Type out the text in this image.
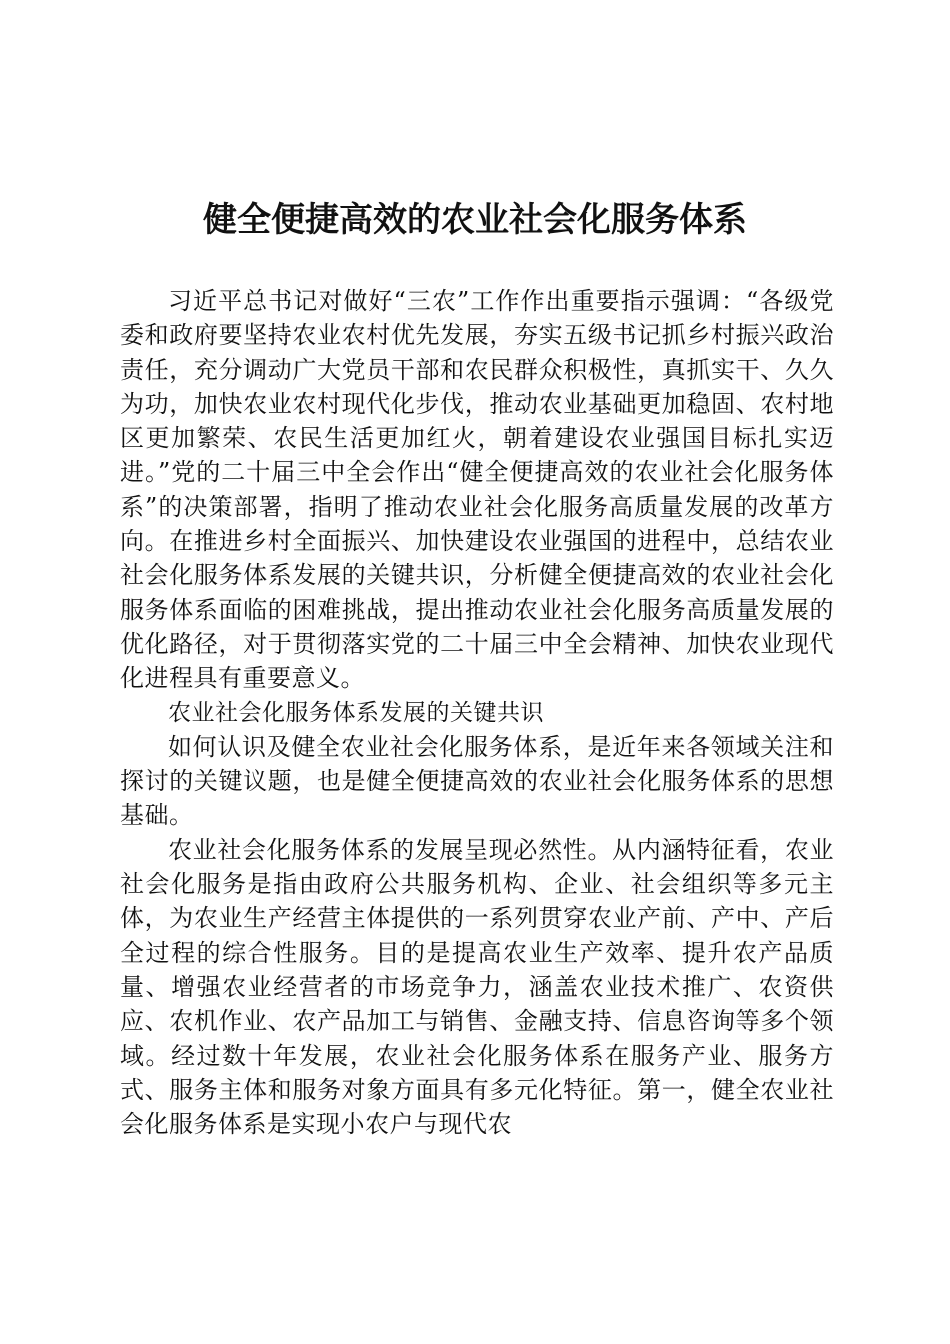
健全便捷高效的农业社会化服务体系

习近平总书记对做好“三农”工作作出重要指示强调：“各级党委和政府要坚持农业农村优先发展，夯实五级书记抓乡村振兴政治责任，充分调动广大党员干部和农民群众积极性，真抓实干、久久为功，加快农业农村现代化步伐，推动农业基础更加稳固、农村地区更加繁荣、农民生活更加红火，朝着建设农业强国目标扎实迈进。”党的二十届三中全会作出“健全便捷高效的农业社会化服务体系”的决策部署，指明了推动农业社会化服务高质量发展的改革方向。在推进乡村全面振兴、加快建设农业强国的进程中，总结农业社会化服务体系发展的关键共识，分析健全便捷高效的农业社会化服务体系面临的困难挑战，提出推动农业社会化服务高质量发展的优化路径，对于贯彻落实党的二十届三中全会精神、加快农业现代化进程具有重要意义。

农业社会化服务体系发展的关键共识

如何认识及健全农业社会化服务体系，是近年来各领域关注和探讨的关键议题，也是健全便捷高效的农业社会化服务体系的思想基础。

农业社会化服务体系的发展呈现必然性。从内涵特征看，农业社会化服务是指由政府公共服务机构、企业、社会组织等多元主体，为农业生产经营主体提供的一系列贯穿农业产前、产中、产后全过程的综合性服务。目的是提高农业生产效率、提升农产品质量、增强农业经营者的市场竞争力，涵盖农业技术推广、农资供应、农机作业、农产品加工与销售、金融支持、信息咨询等多个领域。经过数十年发展，农业社会化服务体系在服务产业、服务方式、服务主体和服务对象方面具有多元化特征。第一，健全农业社会化服务体系是实现小农户与现代农
